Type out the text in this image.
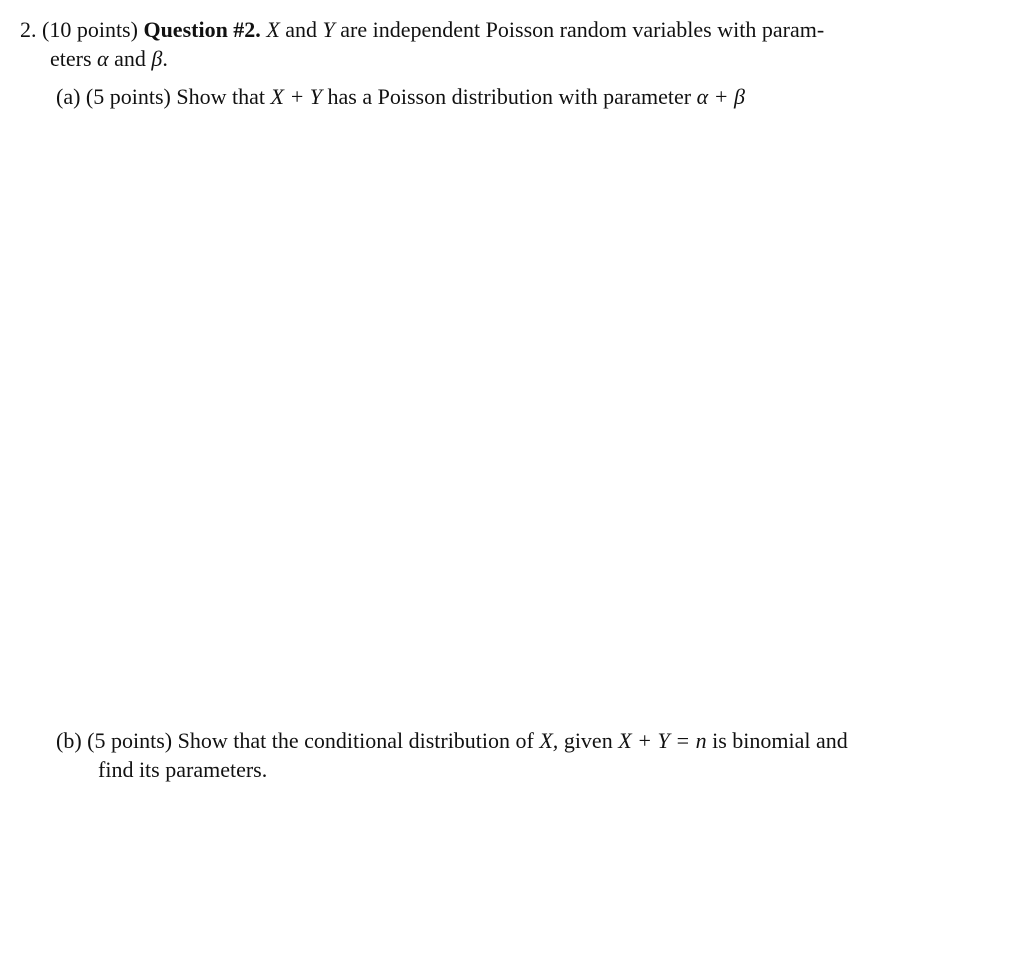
2. (10 points) Question #2. X and Y are independent Poisson random variables with param-
eters α and β.
(a) (5 points) Show that X + Y has a Poisson distribution with parameter α + β
(b) (5 points) Show that the conditional distribution of X, given X + Y = n is binomial and
find its parameters.
